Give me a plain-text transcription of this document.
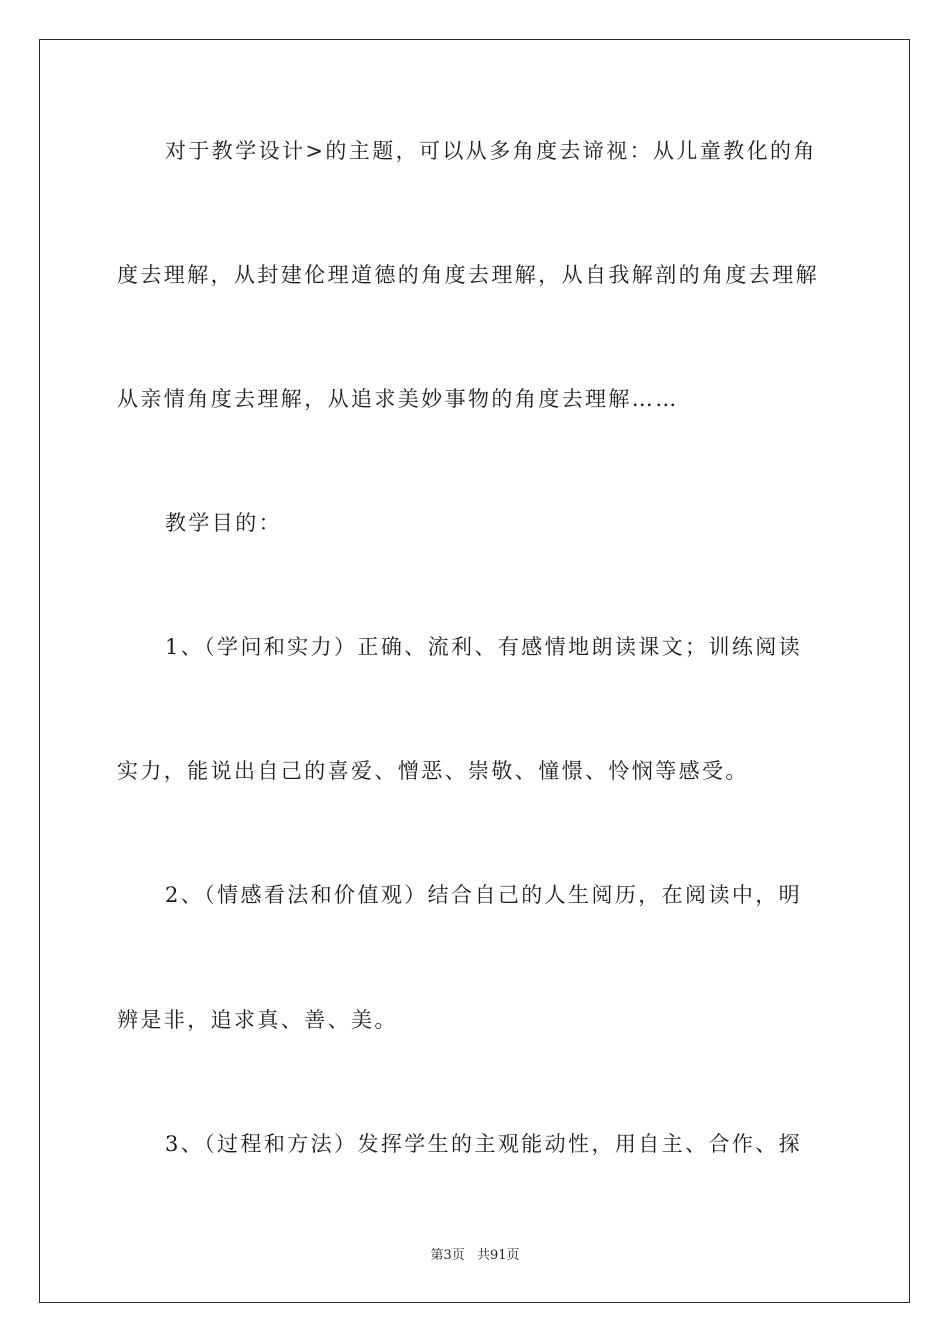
对于教学设计>的主题，可以从多角度去谛视：从儿童教化的角
度去理解，从封建伦理道德的角度去理解，从自我解剖的角度去理解
从亲情角度去理解，从追求美妙事物的角度去理解……
教学目的：
1、（学问和实力）正确、流利、有感情地朗读课文；训练阅读
实力，能说出自己的喜爱、憎恶、崇敬、憧憬、怜悯等感受。
2、（情感看法和价值观）结合自己的人生阅历，在阅读中，明
辨是非，追求真、善、美。
3、（过程和方法）发挥学生的主观能动性，用自主、合作、探
第3页 共91页
